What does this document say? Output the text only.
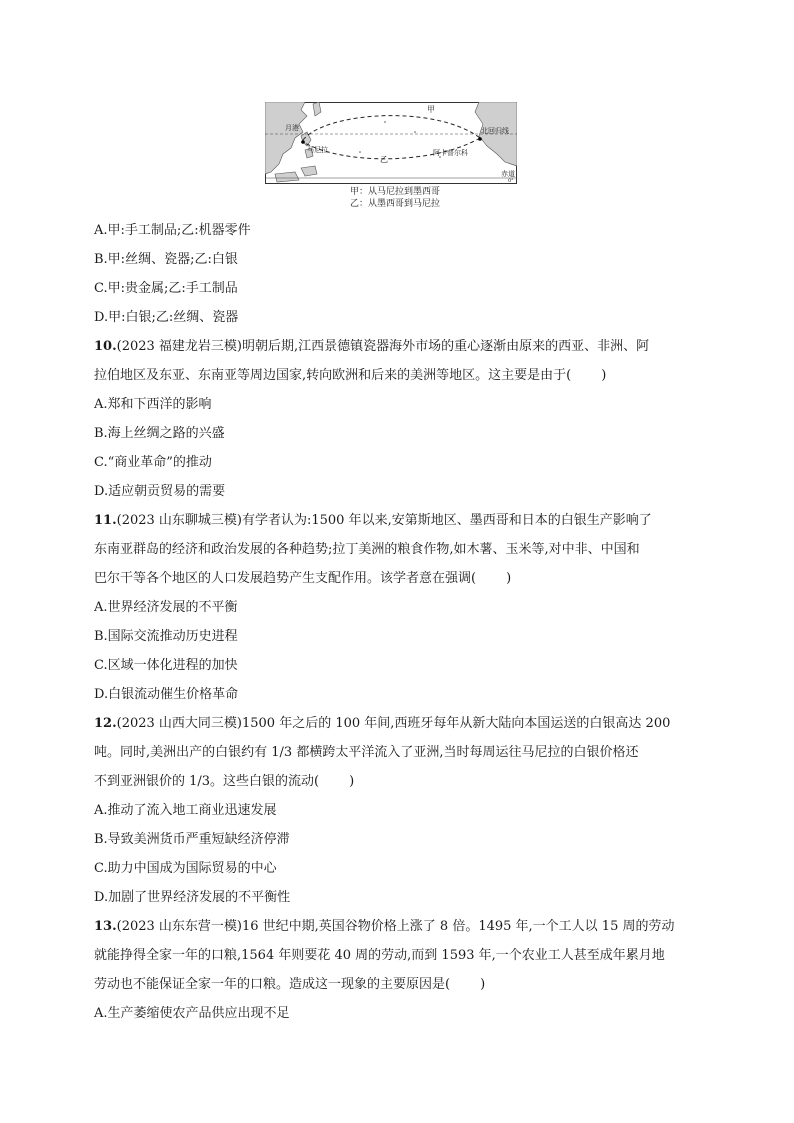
甲
乙
月港
马尼拉	阿卡普尔科
北回归线
赤道
0°
甲：从马尼拉到墨西哥
乙：从墨西哥到马尼拉
A.甲:手工制品;乙:机器零件
B.甲:丝绸、瓷器;乙:白银
C.甲:贵金属;乙:手工制品
D.甲:白银;乙:丝绸、瓷器
10.(2023 福建龙岩三模)明朝后期,江西景德镇瓷器海外市场的重心逐渐由原来的西亚、非洲、阿
拉伯地区及东亚、东南亚等周边国家,转向欧洲和后来的美洲等地区。这主要是由于( )
A.郑和下西洋的影响
B.海上丝绸之路的兴盛
C.“商业革命”的推动
D.适应朝贡贸易的需要
11.(2023 山东聊城三模)有学者认为:1500 年以来,安第斯地区、墨西哥和日本的白银生产影响了
东南亚群岛的经济和政治发展的各种趋势;拉丁美洲的粮食作物,如木薯、玉米等,对中非、中国和
巴尔干等各个地区的人口发展趋势产生支配作用。该学者意在强调( )
A.世界经济发展的不平衡
B.国际交流推动历史进程
C.区域一体化进程的加快
D.白银流动催生价格革命
12.(2023 山西大同三模)1500 年之后的 100 年间,西班牙每年从新大陆向本国运送的白银高达 200
吨。同时,美洲出产的白银约有 1/3 都横跨太平洋流入了亚洲,当时每周运往马尼拉的白银价格还
不到亚洲银价的 1/3。这些白银的流动( )
A.推动了流入地工商业迅速发展
B.导致美洲货币严重短缺经济停滞
C.助力中国成为国际贸易的中心
D.加剧了世界经济发展的不平衡性
13.(2023 山东东营一模)16 世纪中期,英国谷物价格上涨了 8 倍。1495 年,一个工人以 15 周的劳动
就能挣得全家一年的口粮,1564 年则要花 40 周的劳动,而到 1593 年,一个农业工人甚至成年累月地
劳动也不能保证全家一年的口粮。造成这一现象的主要原因是( )
A.生产萎缩使农产品供应出现不足
